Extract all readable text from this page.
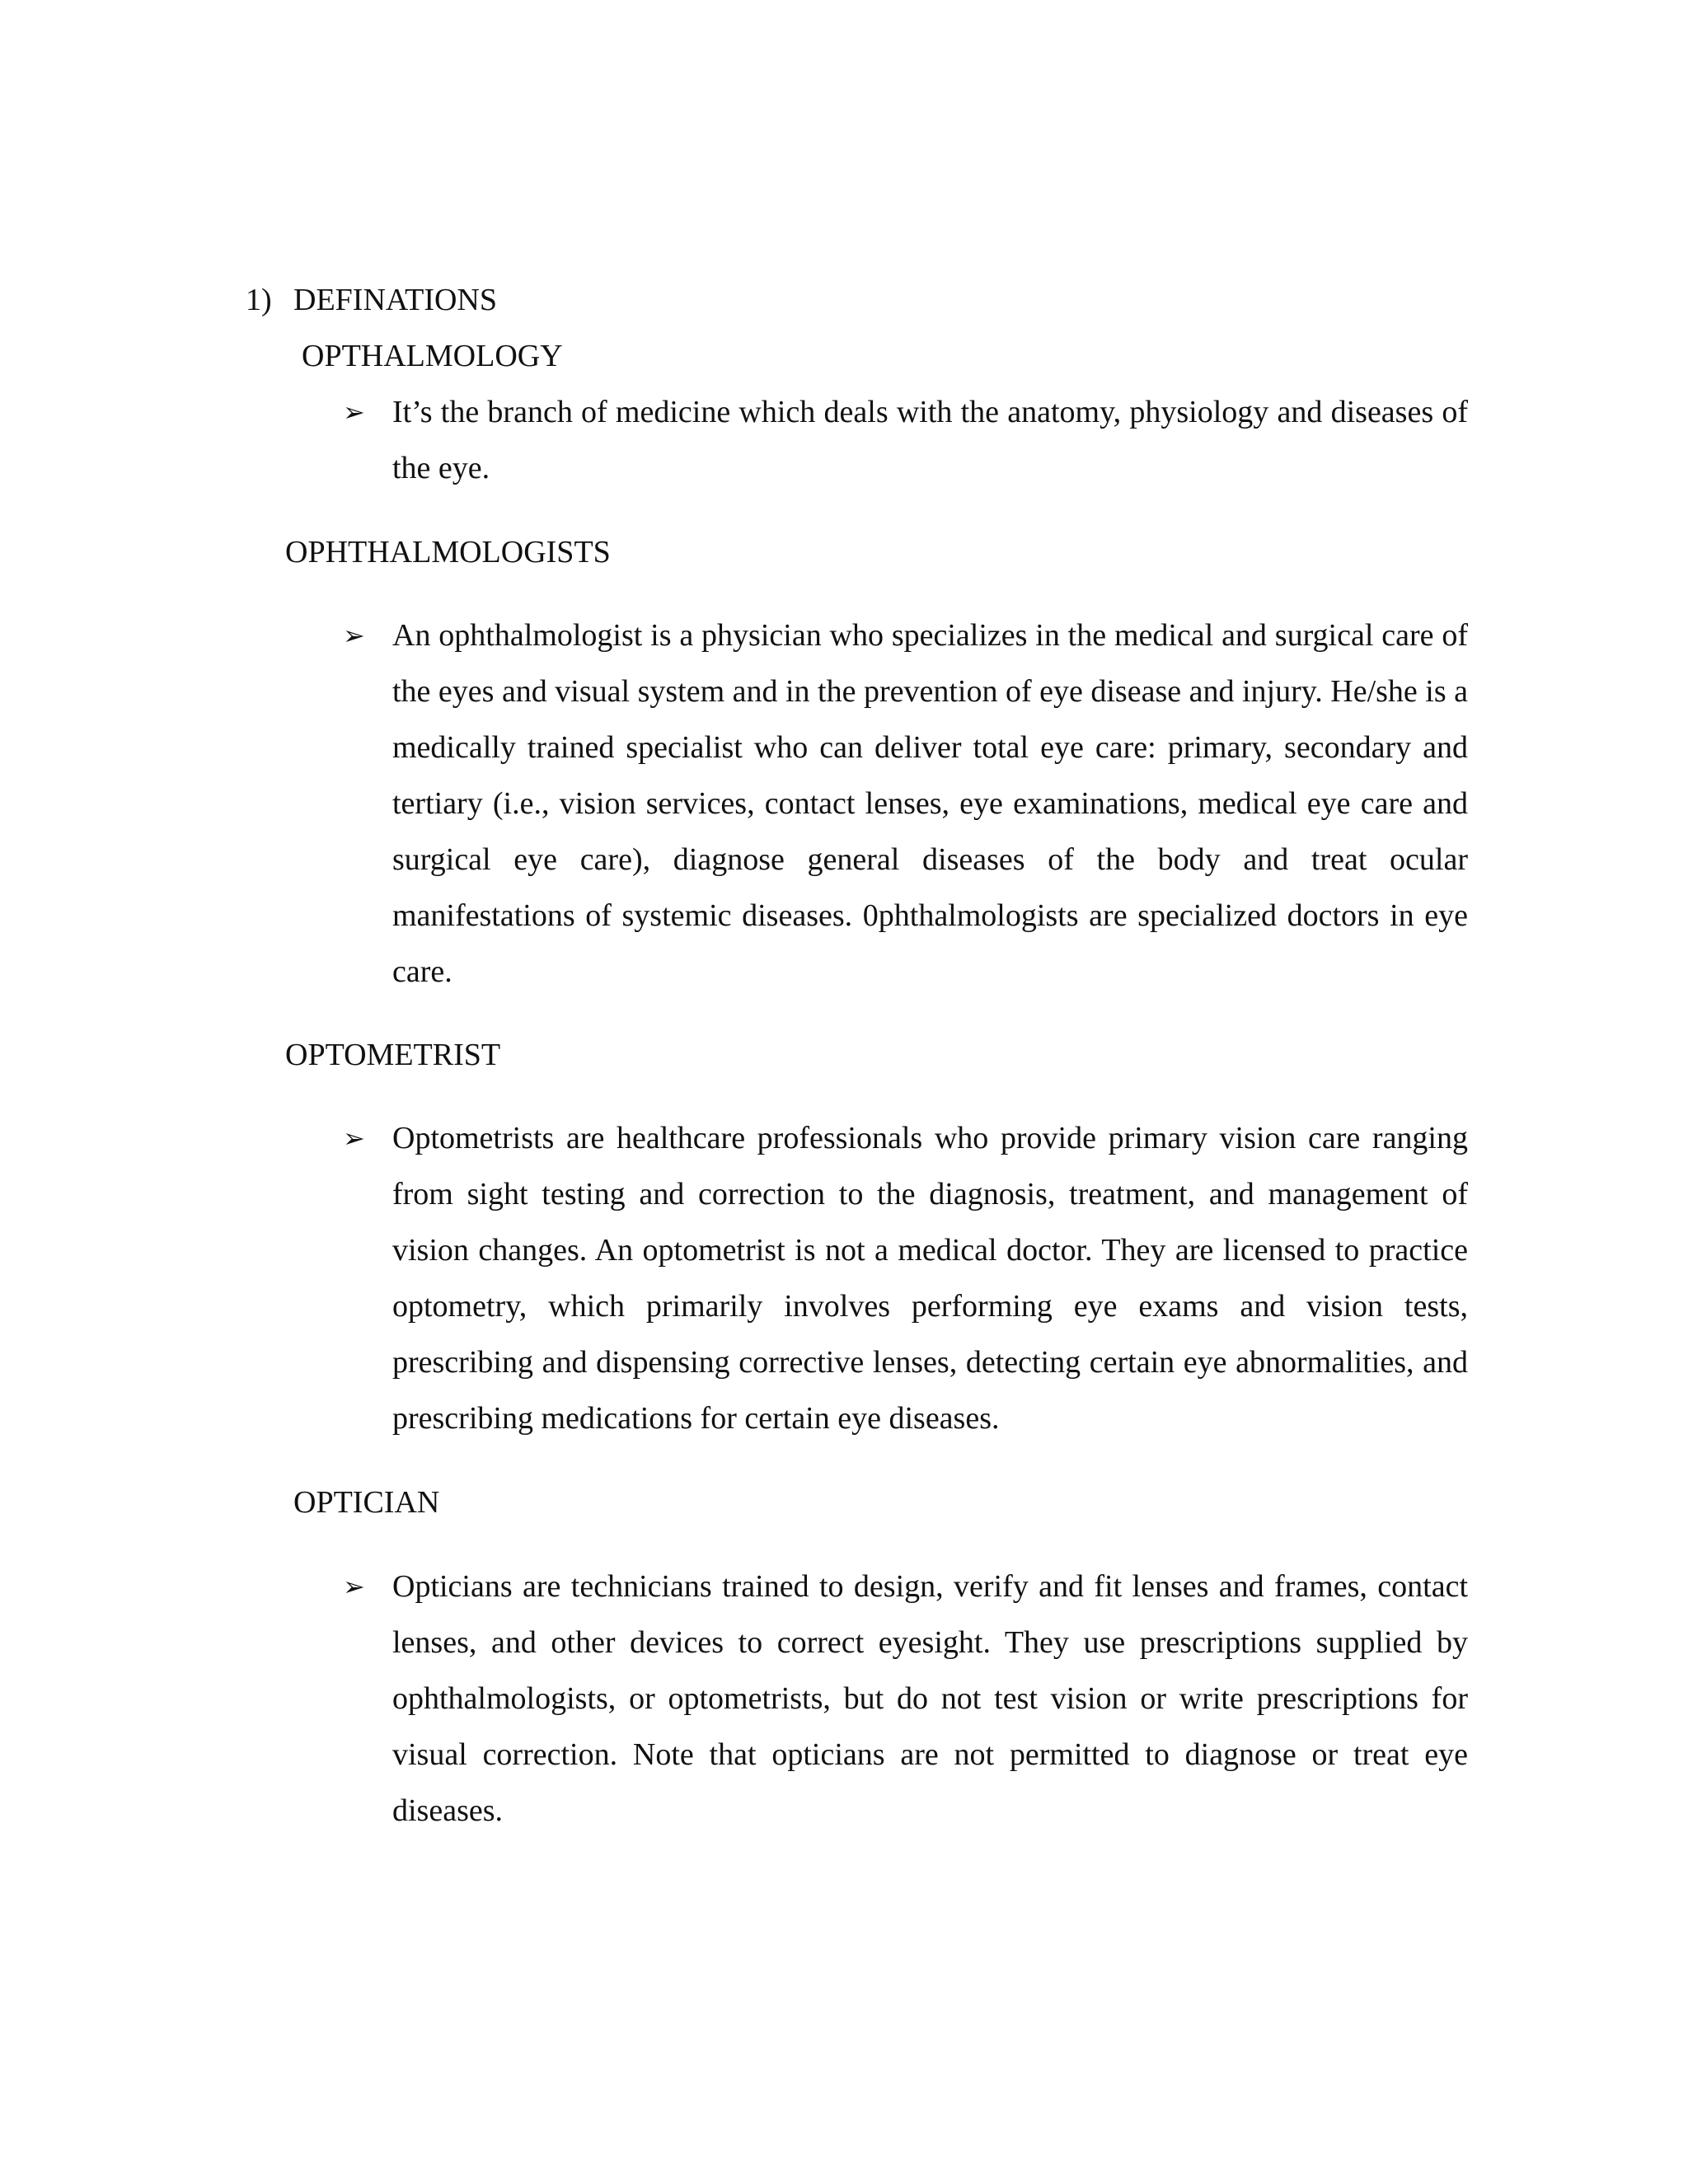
1) DEFINATIONS
OPTHALMOLOGY
➢ It’s the branch of medicine which deals with the anatomy, physiology and diseases of the eye.
OPHTHALMOLOGISTS
➢ An ophthalmologist is a physician who specializes in the medical and surgical care of the eyes and visual system and in the prevention of eye disease and injury. He/she is a medically trained specialist who can deliver total eye care: primary, secondary and tertiary (i.e., vision services, contact lenses, eye examinations, medical eye care and surgical eye care), diagnose general diseases of the body and treat ocular manifestations of systemic diseases. 0phthalmologists are specialized doctors in eye care.
OPTOMETRIST
➢ Optometrists are healthcare professionals who provide primary vision care ranging from sight testing and correction to the diagnosis, treatment, and management of vision changes. An optometrist is not a medical doctor. They are licensed to practice optometry, which primarily involves performing eye exams and vision tests, prescribing and dispensing corrective lenses, detecting certain eye abnormalities, and prescribing medications for certain eye diseases.
OPTICIAN
➢ Opticians are technicians trained to design, verify and fit lenses and frames, contact lenses, and other devices to correct eyesight. They use prescriptions supplied by ophthalmologists, or optometrists, but do not test vision or write prescriptions for visual correction. Note that opticians are not permitted to diagnose or treat eye diseases.
